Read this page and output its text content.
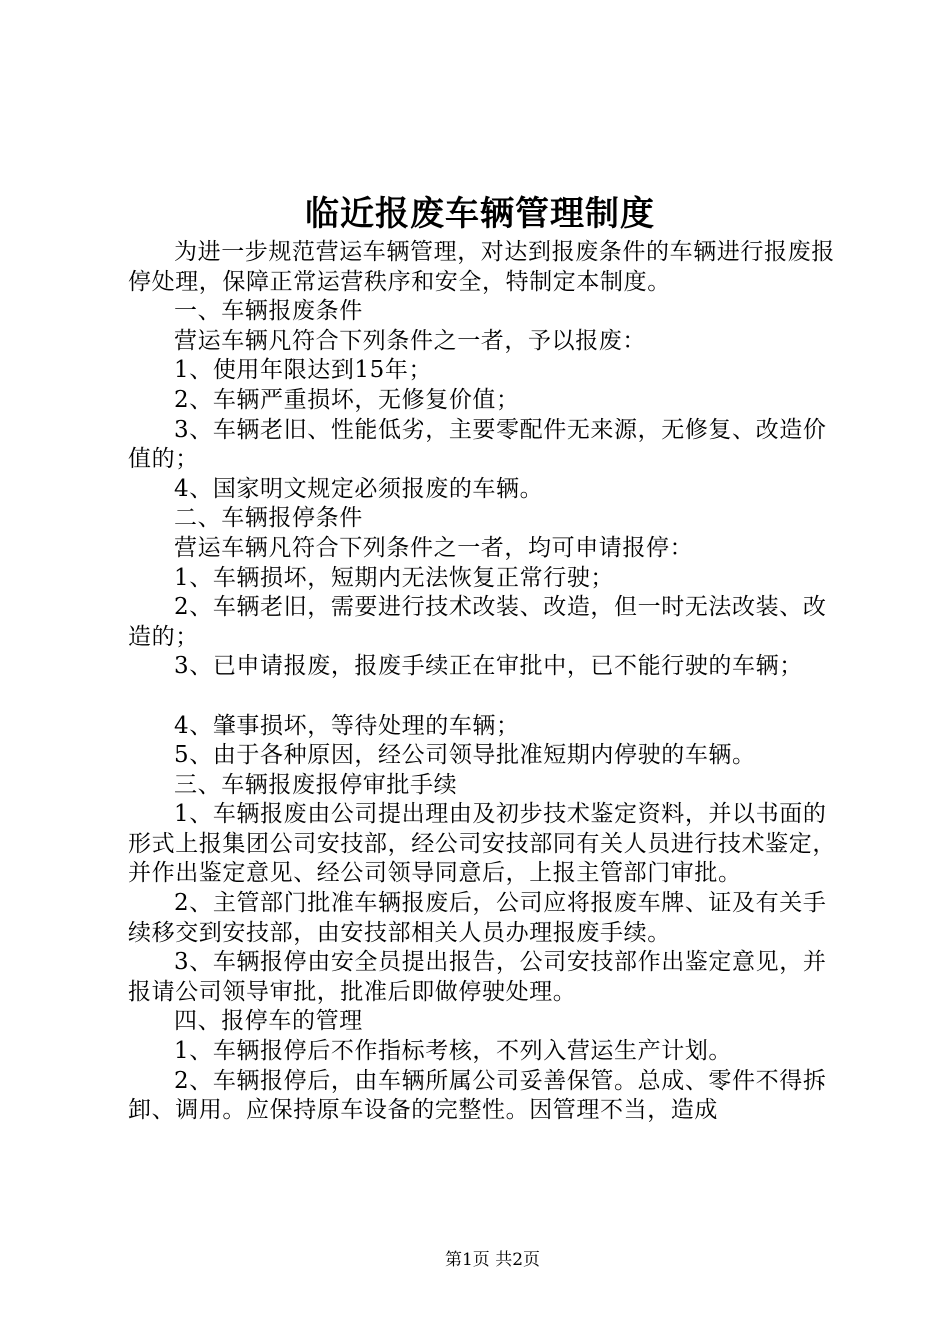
临近报废车辆管理制度

为进一步规范营运车辆管理，对达到报废条件的车辆进行报废报停处理，保障正常运营秩序和安全，特制定本制度。

一、车辆报废条件

营运车辆凡符合下列条件之一者，予以报废：

1、使用年限达到15年；

2、车辆严重损坏，无修复价值；

3、车辆老旧、性能低劣，主要零配件无来源，无修复、改造价值的；

4、国家明文规定必须报废的车辆。

二、车辆报停条件

营运车辆凡符合下列条件之一者，均可申请报停：

1、车辆损坏，短期内无法恢复正常行驶；

2、车辆老旧，需要进行技术改装、改造，但一时无法改装、改造的；

3、已申请报废，报废手续正在审批中，已不能行驶的车辆；

4、肇事损坏，等待处理的车辆；

5、由于各种原因，经公司领导批准短期内停驶的车辆。

三、车辆报废报停审批手续

1、车辆报废由公司提出理由及初步技术鉴定资料，并以书面的形式上报集团公司安技部，经公司安技部同有关人员进行技术鉴定，并作出鉴定意见、经公司领导同意后，上报主管部门审批。

2、主管部门批准车辆报废后，公司应将报废车牌、证及有关手续移交到安技部，由安技部相关人员办理报废手续。

3、车辆报停由安全员提出报告，公司安技部作出鉴定意见，并报请公司领导审批，批准后即做停驶处理。

四、报停车的管理

1、车辆报停后不作指标考核，不列入营运生产计划。

2、车辆报停后，由车辆所属公司妥善保管。总成、零件不得拆卸、调用。应保持原车设备的完整性。因管理不当，造成

第1页 共2页
